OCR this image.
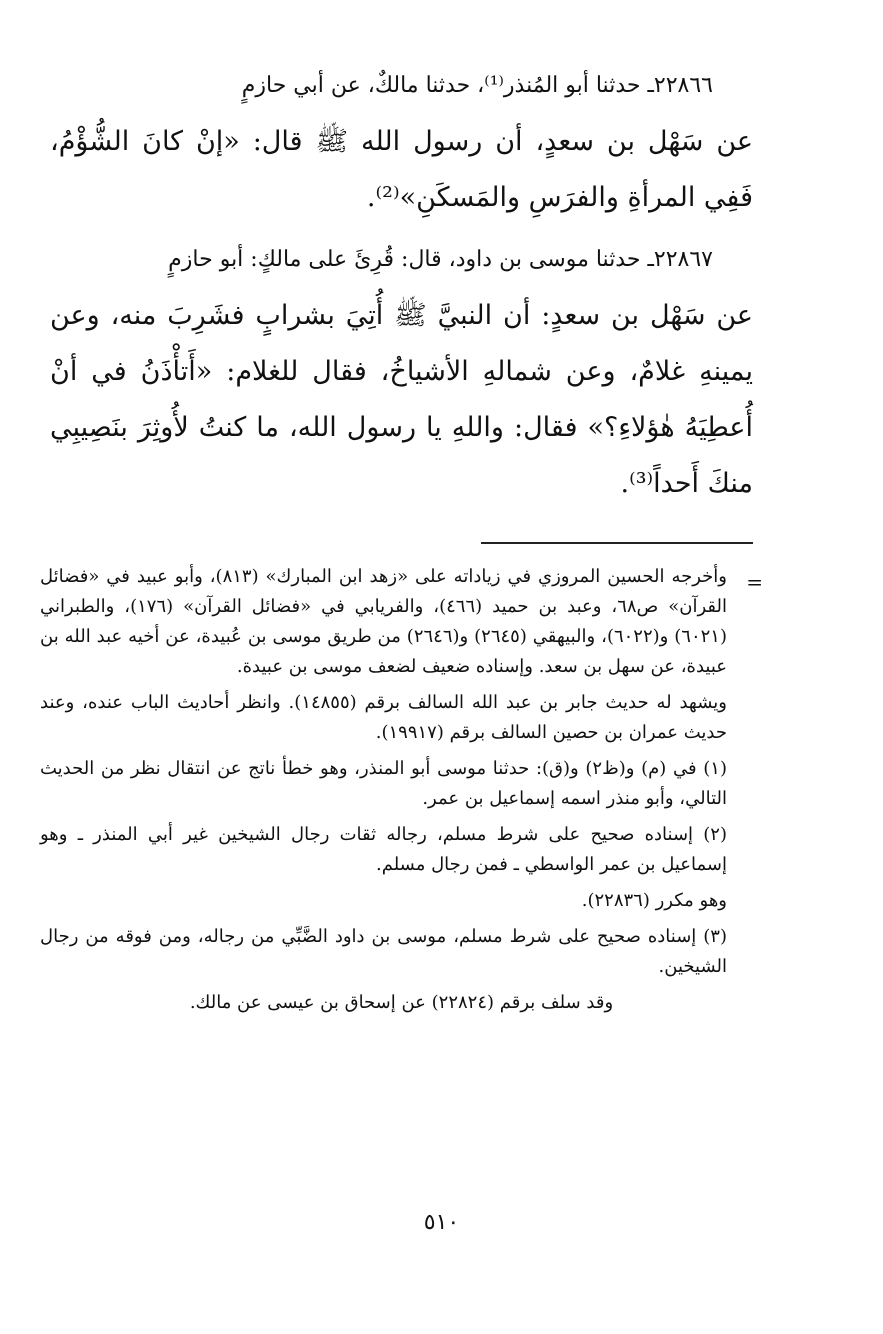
٢٢٨٦٦ـ حدثنا أبو المُنذر⁽¹⁾، حدثنا مالكٌ، عن أبي حازمٍ

عن سَهْل بن سعدٍ، أن رسول الله ﷺ قال: «إنْ كانَ الشُّؤْمُ، فَفِي المرأةِ والفرَسِ والمَسكَنِ»⁽²⁾.

٢٢٨٦٧ـ حدثنا موسى بن داود، قال: قُرِئَ على مالكٍ: أبو حازمٍ

عن سَهْل بن سعدٍ: أن النبيَّ ﷺ أُتِيَ بشرابٍ فشَرِبَ منه، وعن يمينهِ غلامٌ، وعن شمالهِ الأشياخُ، فقال للغلام: «أَتأْذَنُ في أنْ أُعطِيَهُ هٰؤلاءِ؟» فقال: واللهِ يا رسول الله، ما كنتُ لأُوثِرَ بنَصِيبِي منكَ أَحداً⁽³⁾.

=

وأخرجه الحسين المروزي في زياداته على «زهد ابن المبارك» (٨١٣)، وأبو عبيد في «فضائل القرآن» ص٦٨، وعبد بن حميد (٤٦٦)، والفريابي في «فضائل القرآن» (١٧٦)، والطبراني (٦٠٢١) و(٦٠٢٢)، والبيهقي (٢٦٤٥) و(٢٦٤٦) من طريق موسى بن عُبيدة، عن أخيه عبد الله بن عبيدة، عن سهل بن سعد. وإسناده ضعيف لضعف موسى بن عبيدة.

ويشهد له حديث جابر بن عبد الله السالف برقم (١٤٨٥٥). وانظر أحاديث الباب عنده، وعند حديث عمران بن حصين السالف برقم (١٩٩١٧).

(١) في (م) و(ظ٢) و(ق): حدثنا موسى أبو المنذر، وهو خطأ ناتج عن انتقال نظر من الحديث التالي، وأبو منذر اسمه إسماعيل بن عمر.

(٢) إسناده صحيح على شرط مسلم، رجاله ثقات رجال الشيخين غير أبي المنذر ـ وهو إسماعيل بن عمر الواسطي ـ فمن رجال مسلم.

وهو مكرر (٢٢٨٣٦).

(٣) إسناده صحيح على شرط مسلم، موسى بن داود الضَّبِّي من رجاله، ومن فوقه من رجال الشيخين.

وقد سلف برقم (٢٢٨٢٤) عن إسحاق بن عيسى عن مالك.

٥١٠
